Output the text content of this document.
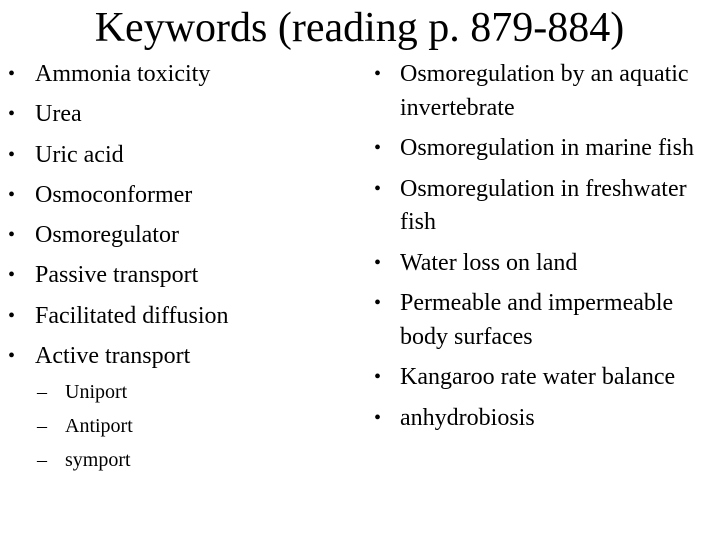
Keywords (reading p. 879-884)
• Ammonia toxicity
• Urea
• Uric acid
• Osmoconformer
• Osmoregulator
• Passive transport
• Facilitated diffusion
• Active transport
– Uniport
– Antiport
– symport
• Osmoregulation by an aquatic invertebrate
• Osmoregulation in marine fish
• Osmoregulation in freshwater fish
• Water loss on land
• Permeable and impermeable body surfaces
• Kangaroo rate water balance
• anhydrobiosis
